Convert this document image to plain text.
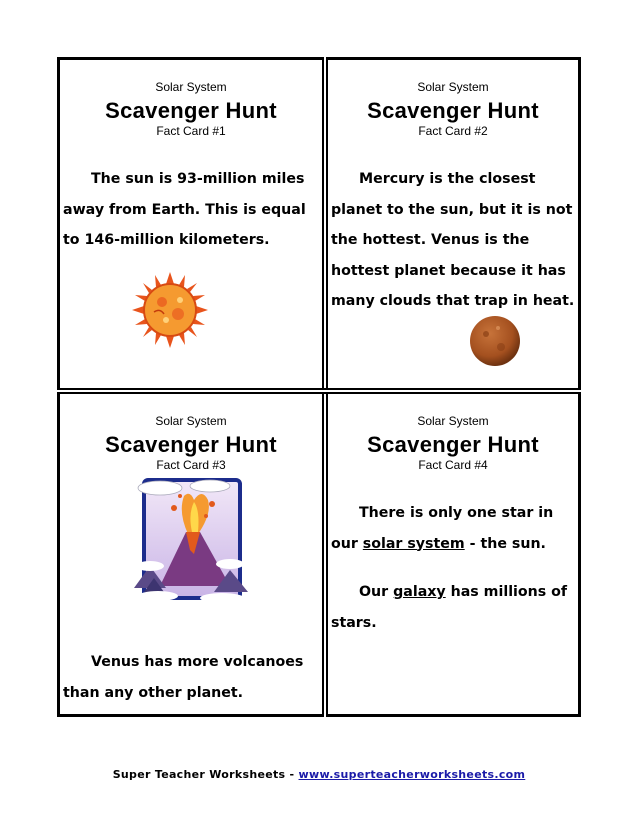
Solar System
Scavenger Hunt
Fact Card #1
The sun is 93-million miles away from Earth. This is equal to 146-million kilometers.
Solar System
Scavenger Hunt
Fact Card #2
Mercury is the closest planet to the sun, but it is not the hottest. Venus is the hottest planet because it has many clouds that trap in heat.
Solar System
Scavenger Hunt
Fact Card #3
Venus has more volcanoes than any other planet.
Solar System
Scavenger Hunt
Fact Card #4
There is only one star in our solar system - the sun.
Our galaxy has millions of stars.
Super Teacher Worksheets - www.superteacherworksheets.com
